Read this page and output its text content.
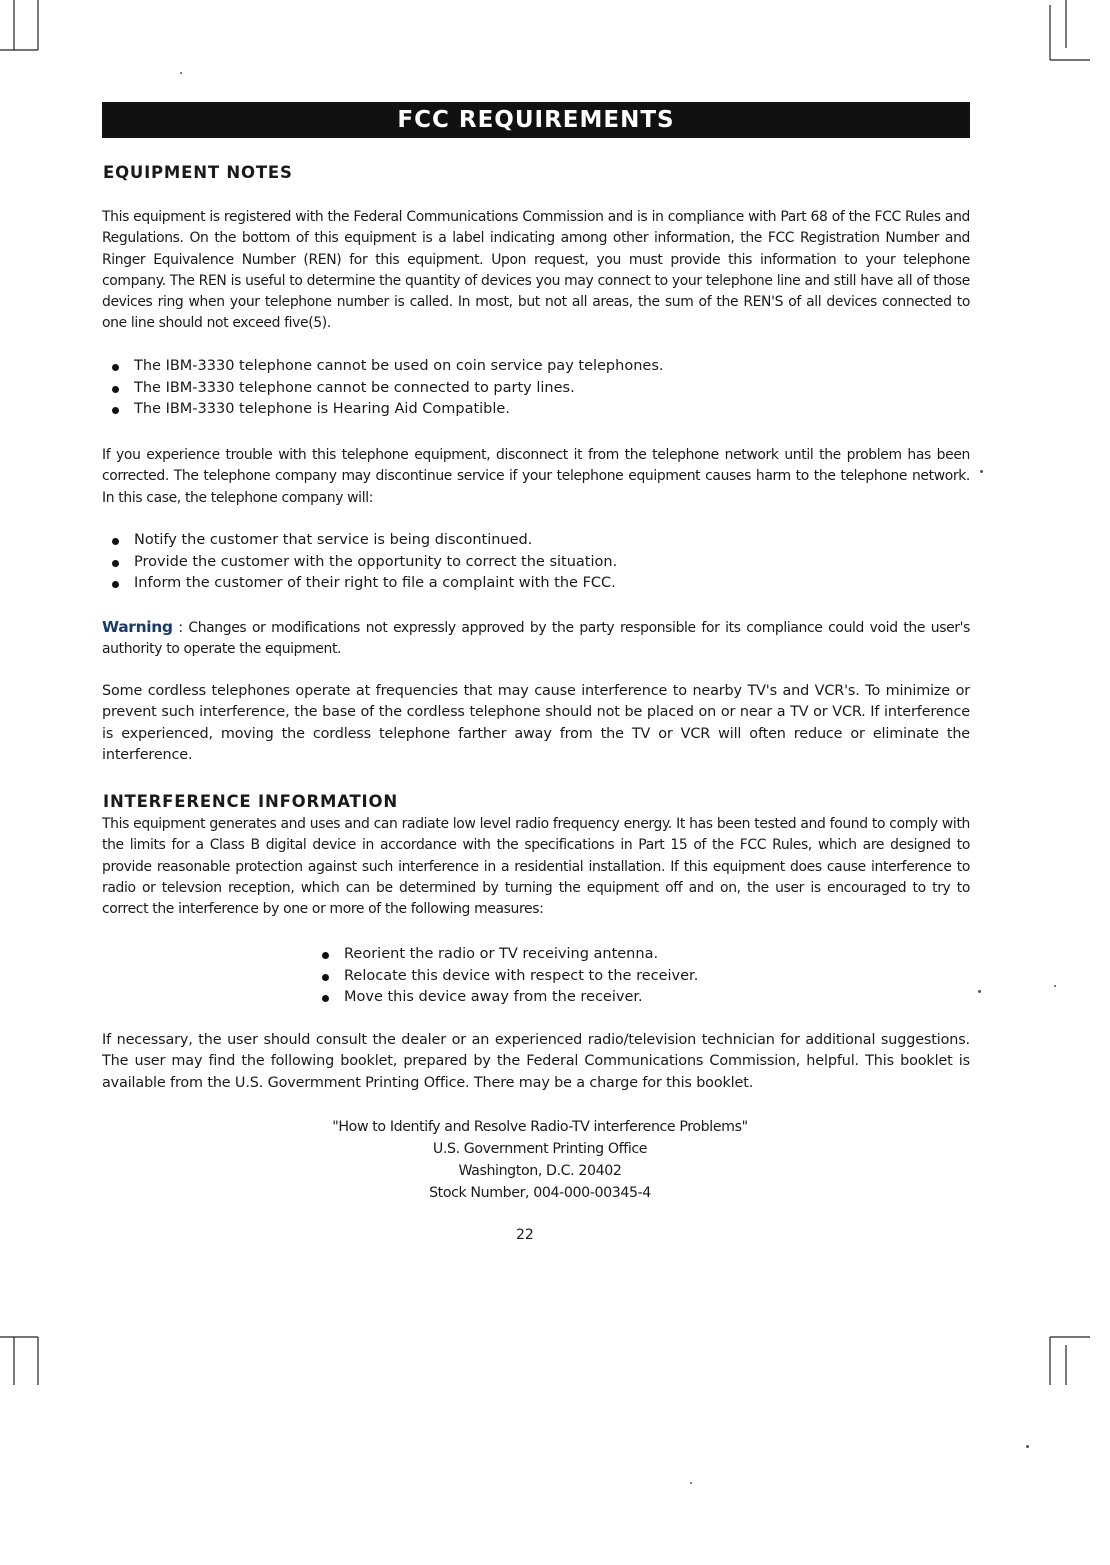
FCC REQUIREMENTS
EQUIPMENT NOTES

This equipment is registered with the Federal Communications Commission and is in compliance with Part 68 of the FCC Rules and Regulations. On the bottom of this equipment is a label indicating among other information, the FCC Registration Number and Ringer Equivalence Number (REN) for this equipment. Upon request, you must provide this information to your telephone company. The REN is useful to determine the quantity of devices you may connect to your telephone line and still have all of those devices ring when your telephone number is called. In most, but not all areas, the sum of the REN'S of all devices connected to one line should not exceed five(5).

The IBM-3330 telephone cannot be used on coin service pay telephones.
The IBM-3330 telephone cannot be connected to party lines.
The IBM-3330 telephone is Hearing Aid Compatible.

If you experience trouble with this telephone equipment, disconnect it from the telephone network until the problem has been corrected. The telephone company may discontinue service if your telephone equipment causes harm to the telephone network. In this case, the telephone company will:

Notify the customer that service is being discontinued.
Provide the customer with the opportunity to correct the situation.
Inform the customer of their right to file a complaint with the FCC.

Warning : Changes or modifications not expressly approved by the party responsible for its compliance could void the user's authority to operate the equipment.

Some cordless telephones operate at frequencies that may cause interference to nearby TV's and VCR's. To minimize or prevent such interference, the base of the cordless telephone should not be placed on or near a TV or VCR. If interference is experienced, moving the cordless telephone farther away from the TV or VCR will often reduce or eliminate the interference.

INTERFERENCE INFORMATION

This equipment generates and uses and can radiate low level radio frequency energy. It has been tested and found to comply with the limits for a Class B digital device in accordance with the specifications in Part 15 of the FCC Rules, which are designed to provide reasonable protection against such interference in a residential installation. If this equipment does cause interference to radio or televsion reception, which can be determined by turning the equipment off and on, the user is encouraged to try to correct the interference by one or more of the following measures:

Reorient the radio or TV receiving antenna.
Relocate this device with respect to the receiver.
Move this device away from the receiver.

If necessary, the user should consult the dealer or an experienced radio/television technician for additional suggestions. The user may find the following booklet, prepared by the Federal Communications Commission, helpful. This booklet is available from the U.S. Govermment Printing Office. There may be a charge for this booklet.

"How to Identify and Resolve Radio-TV interference Problems"
U.S. Government Printing Office
Washington, D.C. 20402
Stock Number, 004-000-00345-4

22
